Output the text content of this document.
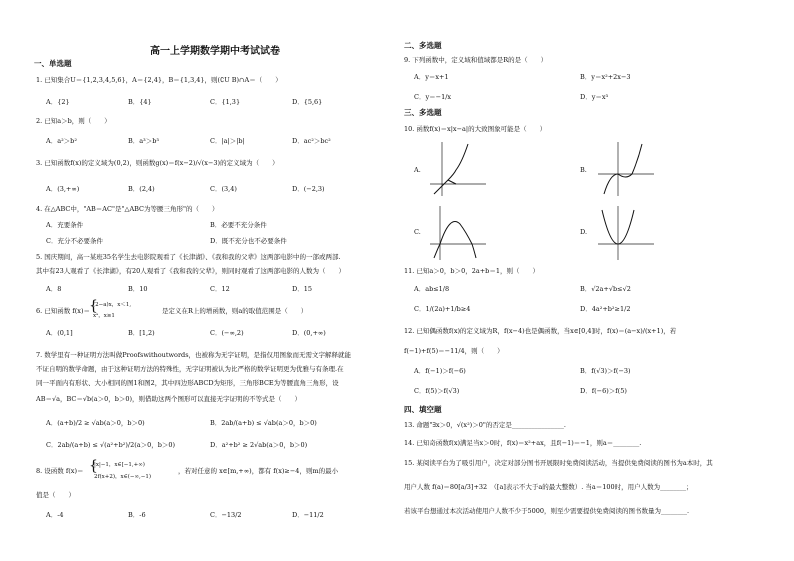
高一上学期数学期中考试试卷
一、单选题
1. 已知集合U＝{1,2,3,4,5,6}，A＝{2,4}，B＝{1,3,4}，则(∁U B)∩A＝（　　）
A．{2}	B．{4}	C．{1,3}	D．{5,6}
2. 已知a＞b，则（　　）
A．a²＞b²	B．a³＞b³	C．|a|＞|b|	D．ac²＞bc²
3. 已知函数f(x)的定义域为(0,2)，则函数g(x)＝f(x−2)/√(x−3)的定义域为（　　）
A．(3,+∞)	B．(2,4)	C．(3,4)	D．(−2,3)
4. 在△ABC中，"AB＝AC"是"△ABC为等腰三角形"的（　　）
A．充要条件	B．必要不充分条件
C．充分不必要条件	D．既不充分也不必要条件
5. 国庆期间，高一某班35名学生去电影院观看了《长津湖》、《我和我的父辈》这两部电影中的一部或两部.
其中有23人观看了《长津湖》，有20人观看了《我和我的父辈》，则同时观看了这两部电影的人数为（　　）
A．8	B．10	C．12	D．15
6. 已知函数 f(x)＝
(2−a)x，x＜1,
xᵃ，x≥1
{	是定义在R上的增函数，则a的取值范围是（　　）
A．(0,1]	B．[1,2)	C．(−∞,2)	D．(0,+∞)
7. 数学里有一种证明方法叫做Proofswithoutwords，也被称为无字证明，是指仅用图象而无需文字解释就能
不证自明的数学命题，由于这种证明方法的特殊性，无字证明被认为比严格的数学证明更为优雅与有条理.在
同一平面内有形状、大小相同的图1和图2，其中四边形ABCD为矩形，三角形BCE为等腰直角三角形，设
AB＝√a，BC＝√b(a＞0，b＞0)，则借助这两个图形可以直接无字证明的不等式是（　　）
A．(a+b)/2 ≥ √ab(a＞0，b＞0)	B．2ab/(a+b) ≤ √ab(a＞0，b＞0)
C．2ab/(a+b) ≤ √(a²+b²)/2(a＞0，b＞0)	D．a²+b² ≥ 2√ab(a＞0，b＞0)
8. 设函数 f(x)＝ {
|x|−1，x∈[−1,+∞)
2f(x+2)，x∈(−∞,−1)
，若对任意的 x∈[m,+∞)，都有 f(x)≥−4，则m的最小
值是（　　）
A．-4	B．-6	C．−13/2	D．−11/2
二、多选题
9. 下列函数中，定义域和值域都是R的是（　　）
A．y＝x+1	B．y＝x²+2x−3
C．y＝−1/x	D．y＝x³
三、多选题
10. 函数f(x)＝x|x−a|的大致图象可能是（　　）
A.	B.
C.	D.
11. 已知a＞0，b＞0，2a+b＝1，则（　　）
A．ab≤1/8	B．√2a+√b≤√2
C．1/(2a)+1/b≥4	D．4a²+b²≥1/2
12. 已知偶函数f(x)的定义域为R，f(x−4)也是偶函数，当x∈[0,4]时，f(x)＝(a−x)/(x+1)，若
f(−1)+f(5)＝−11/4，则（　　）
A．f(−1)＞f(−6)	B．f(√3)＞f(−3)
C．f(5)＞f(√3)	D．f(−6)＞f(5)
四、填空题
13. 命题"∃x＞0，√(x²)＞0"的否定是________________.
14. 已知奇函数f(x)满足当x＞0时，f(x)＝x²+ax，且f(−1)＝−1，则a＝________.
15. 某阅读平台为了吸引用户，决定对部分图书开展限时免费阅读活动，当提供免费阅读的图书为a本时，其
用户人数 f(a)＝80[a/3]+32　（[a]表示不大于a的最大整数）. 当a＝100时，用户人数为________；
若该平台想通过本次活动使用户人数不少于5000，则至少需要提供免费阅读的图书数量为________.
